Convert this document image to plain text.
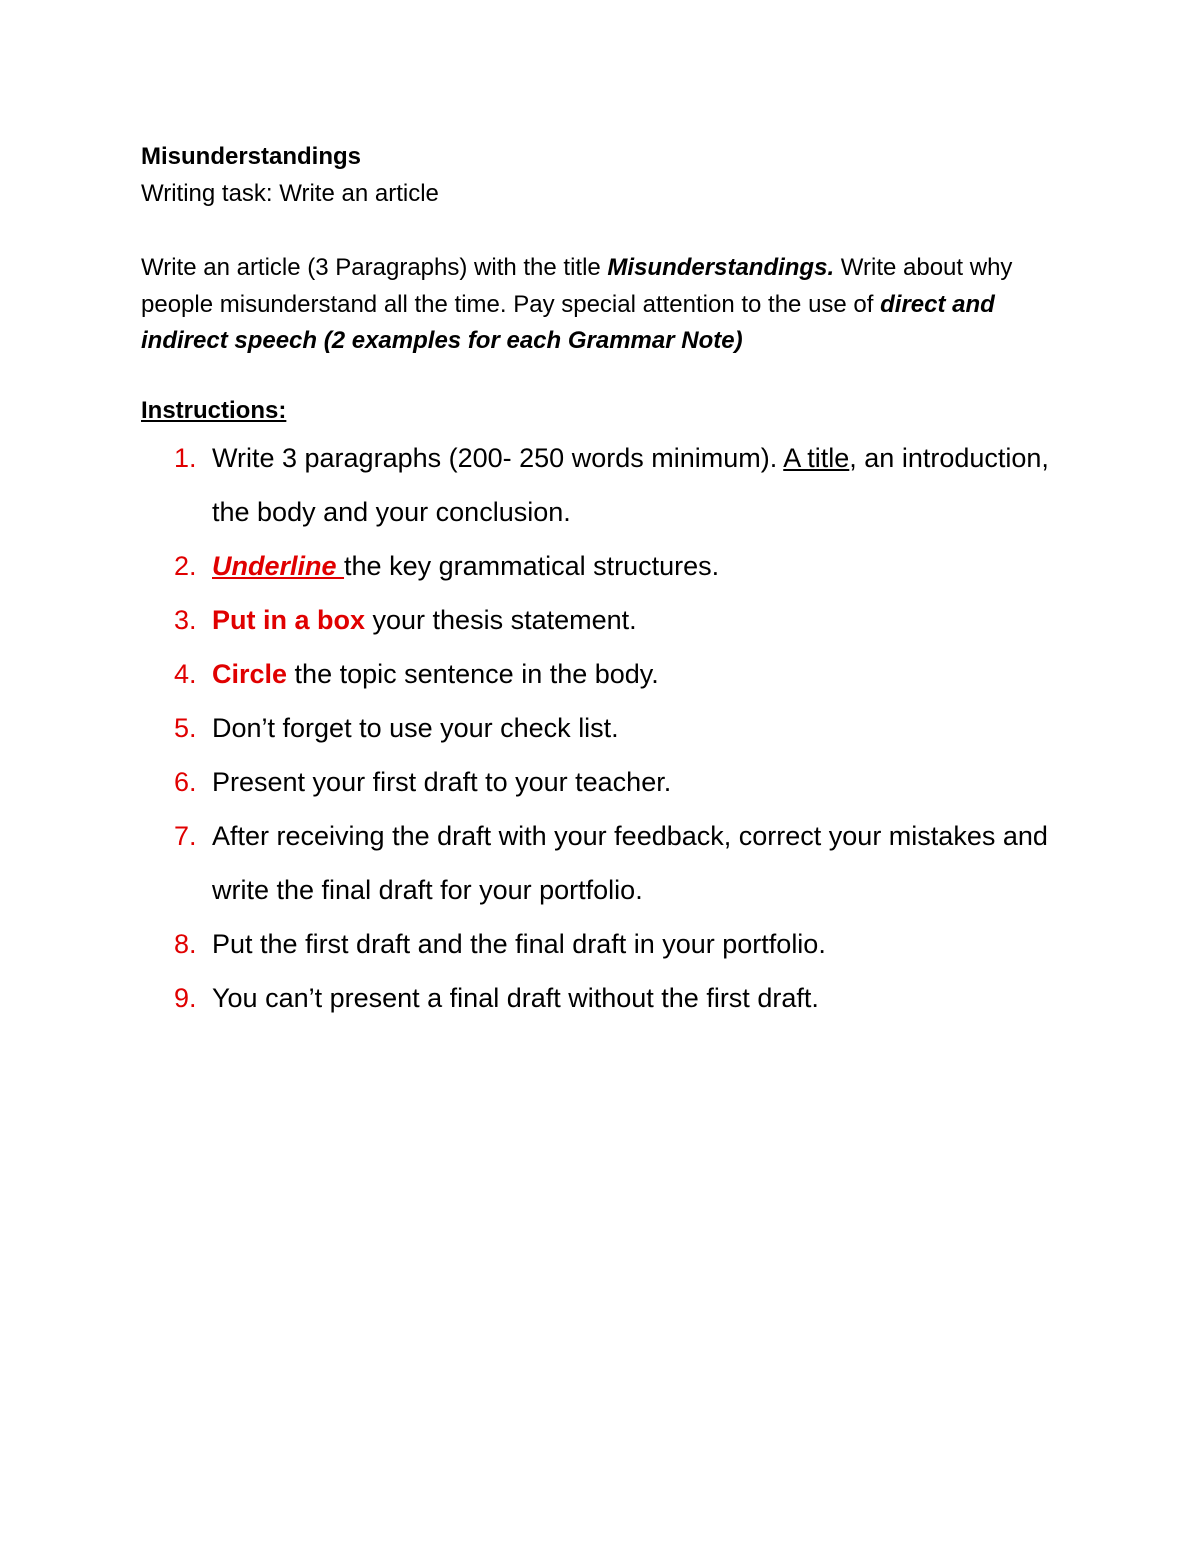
Misunderstandings

Writing task: Write an article

Write an article (3 Paragraphs) with the title Misunderstandings. Write about why people misunderstand all the time. Pay special attention to the use of direct and indirect speech (2 examples for each Grammar Note)

Instructions:

1. Write 3 paragraphs (200- 250 words minimum). A title, an introduction, the body and your conclusion.
2. Underline the key grammatical structures.
3. Put in a box your thesis statement.
4. Circle the topic sentence in the body.
5. Don’t forget to use your check list.
6. Present your first draft to your teacher.
7. After receiving the draft with your feedback, correct your mistakes and write the final draft for your portfolio.
8. Put the first draft and the final draft in your portfolio.
9. You can’t present a final draft without the first draft.
